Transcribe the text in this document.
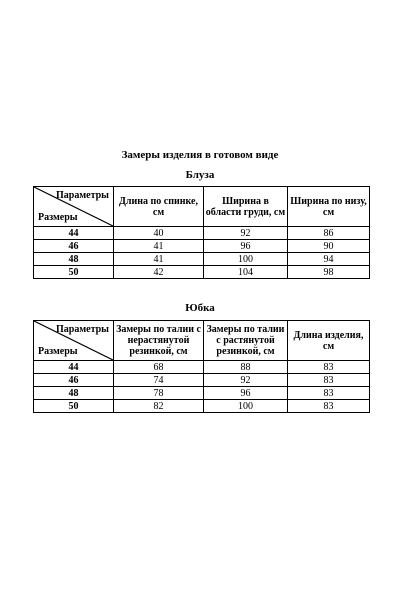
Замеры изделия в готовом виде
Блуза
Параметры
Размеры	Длина по спинке, см	Ширина в области груди, см	Ширина по низу, см
44	40	92	86
46	41	96	90
48	41	100	94
50	42	104	98
Юбка
Параметры
Размеры	Замеры по талии с нерастянутой резинкой, см	Замеры по талии с растянутой резинкой, см	Длина изделия, см
44	68	88	83
46	74	92	83
48	78	96	83
50	82	100	83
